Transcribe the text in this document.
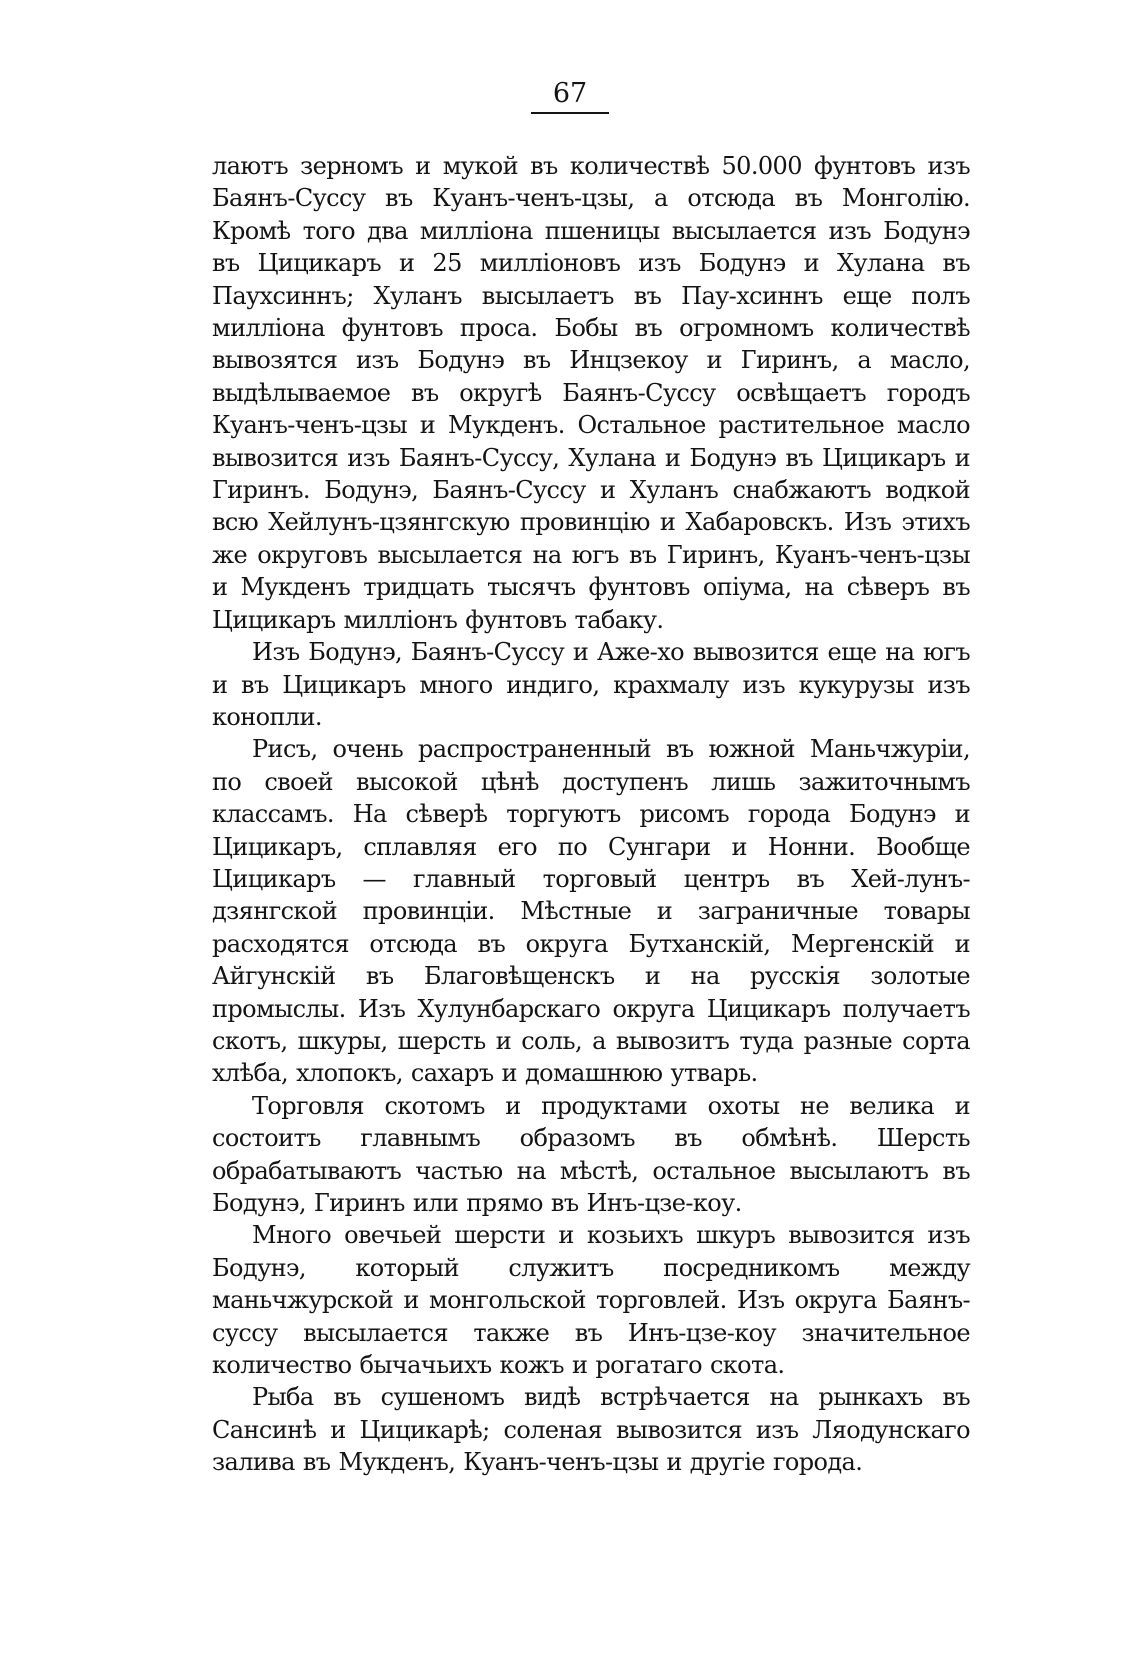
67

лаютъ зерномъ и мукой въ количествѣ 50.000 фунтовъ изъ Баянъ-Суссу въ Куанъ-ченъ-цзы, а отсюда въ Монголію. Кромѣ того два милліона пшеницы высылается изъ Бодунэ въ Цицикаръ и 25 милліоновъ изъ Бодунэ и Хулана въ Паухсиннъ; Хуланъ высылаетъ въ Пау-хсиннъ еще полъ милліона фунтовъ проса. Бобы въ огромномъ количествѣ вывозятся изъ Бодунэ въ Инцзекоу и Гиринъ, а масло, выдѣлываемое въ округѣ Баянъ-Суссу освѣщаетъ городъ Куанъ-ченъ-цзы и Мукденъ. Остальное растительное масло вывозится изъ Баянъ-Суссу, Хулана и Бодунэ въ Цицикаръ и Гиринъ. Бодунэ, Баянъ-Суссу и Хуланъ снабжаютъ водкой всю Хейлунъ-цзянгскую провинцію и Хабаровскъ. Изъ этихъ же округовъ высылается на югъ въ Гиринъ, Куанъ-ченъ-цзы и Мукденъ тридцать тысячъ фунтовъ опіума, на сѣверъ въ Цицикаръ милліонъ фунтовъ табаку.

Изъ Бодунэ, Баянъ-Суссу и Аже-хо вывозится еще на югъ и въ Цицикаръ много индиго, крахмалу изъ кукурузы изъ конопли.

Рисъ, очень распространенный въ южной Маньчжуріи, по своей высокой цѣнѣ доступенъ лишь зажиточнымъ классамъ. На сѣверѣ торгуютъ рисомъ города Бодунэ и Цицикаръ, сплавляя его по Сунгари и Нонни. Вообще Цицикаръ — главный торговый центръ въ Хей-лунъ-дзянгской провинціи. Мѣстные и заграничные товары расходятся отсюда въ округа Бутханскій, Мергенскій и Айгунскій въ Благовѣщенскъ и на русскія золотые промыслы. Изъ Хулунбарскаго округа Цицикаръ получаетъ скотъ, шкуры, шерсть и соль, а вывозитъ туда разные сорта хлѣба, хлопокъ, сахаръ и домашнюю утварь.

Торговля скотомъ и продуктами охоты не велика и состоитъ главнымъ образомъ въ обмѣнѣ. Шерсть обрабатываютъ частью на мѣстѣ, остальное высылаютъ въ Бодунэ, Гиринъ или прямо въ Инъ-цзе-коу.

Много овечьей шерсти и козьихъ шкуръ вывозится изъ Бодунэ, который служитъ посредникомъ между маньчжурской и монгольской торговлей. Изъ округа Баянъ-суссу высылается также въ Инъ-цзе-коу значительное количество бычачьихъ кожъ и рогатаго скота.

Рыба въ сушеномъ видѣ встрѣчается на рынкахъ въ Сансинѣ и Цицикарѣ; соленая вывозится изъ Ляодунскаго залива въ Мукденъ, Куанъ-ченъ-цзы и другіе города.
